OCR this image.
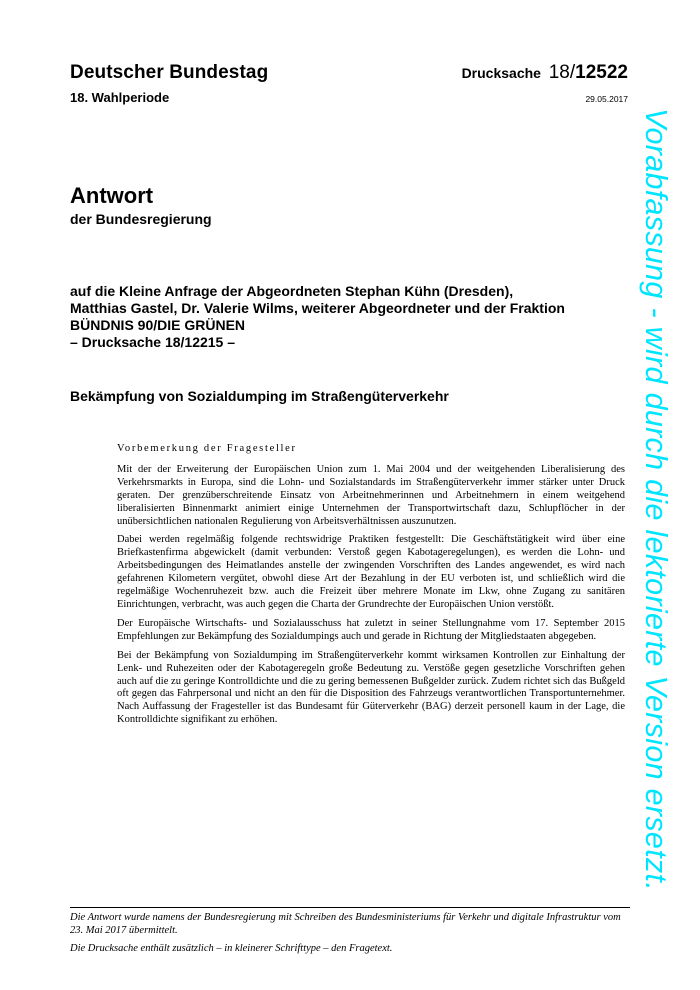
Deutscher Bundestag
18. Wahlperiode
Drucksache 18/12522
29.05.2017
Antwort
der Bundesregierung
auf die Kleine Anfrage der Abgeordneten Stephan Kühn (Dresden),
Matthias Gastel, Dr. Valerie Wilms, weiterer Abgeordneter und der Fraktion
BÜNDNIS 90/DIE GRÜNEN
– Drucksache 18/12215 –
Bekämpfung von Sozialdumping im Straßengüterverkehr
Vorbemerkung der Fragesteller

Mit der der Erweiterung der Europäischen Union zum 1. Mai 2004 und der weitgehenden Liberalisierung des Verkehrsmarkts in Europa, sind die Lohn- und Sozialstandards im Straßengüterverkehr immer stärker unter Druck geraten. Der grenzüberschreitende Einsatz von Arbeitnehmerinnen und Arbeitnehmern in einem weitgehend liberalisierten Binnenmarkt animiert einige Unternehmen der Transportwirtschaft dazu, Schlupflöcher in der unübersichtlichen nationalen Regulierung von Arbeitsverhältnissen auszunutzen.

Dabei werden regelmäßig folgende rechtswidrige Praktiken festgestellt: Die Geschäftstätigkeit wird über eine Briefkastenfirma abgewickelt (damit verbunden: Verstoß gegen Kabotageregelungen), es werden die Lohn- und Arbeitsbedingungen des Heimatlandes anstelle der zwingenden Vorschriften des Landes angewendet, es wird nach gefahrenen Kilometern vergütet, obwohl diese Art der Bezahlung in der EU verboten ist, und schließlich wird die regelmäßige Wochenruhezeit bzw. auch die Freizeit über mehrere Monate im Lkw, ohne Zugang zu sanitären Einrichtungen, verbracht, was auch gegen die Charta der Grundrechte der Europäischen Union verstößt.

Der Europäische Wirtschafts- und Sozialausschuss hat zuletzt in seiner Stellungnahme vom 17. September 2015 Empfehlungen zur Bekämpfung des Sozialdumpings auch und gerade in Richtung der Mitgliedstaaten abgegeben.

Bei der Bekämpfung von Sozialdumping im Straßengüterverkehr kommt wirksamen Kontrollen zur Einhaltung der Lenk- und Ruhezeiten oder der Kabotageregeln große Bedeutung zu. Verstöße gegen gesetzliche Vorschriften gehen auch auf die zu geringe Kontrolldichte und die zu gering bemessenen Bußgelder zurück. Zudem richtet sich das Bußgeld oft gegen das Fahrpersonal und nicht an den für die Disposition des Fahrzeugs verantwortlichen Transportunternehmer. Nach Auffassung der Fragesteller ist das Bundesamt für Güterverkehr (BAG) derzeit personell kaum in der Lage, die Kontrolldichte signifikant zu erhöhen.

Die Antwort wurde namens der Bundesregierung mit Schreiben des Bundesministeriums für Verkehr und digitale Infrastruktur vom 23. Mai 2017 übermittelt.

Die Drucksache enthält zusätzlich – in kleinerer Schrifttype – den Fragetext.

Vorabfassung - wird durch die lektorierte Version ersetzt.
